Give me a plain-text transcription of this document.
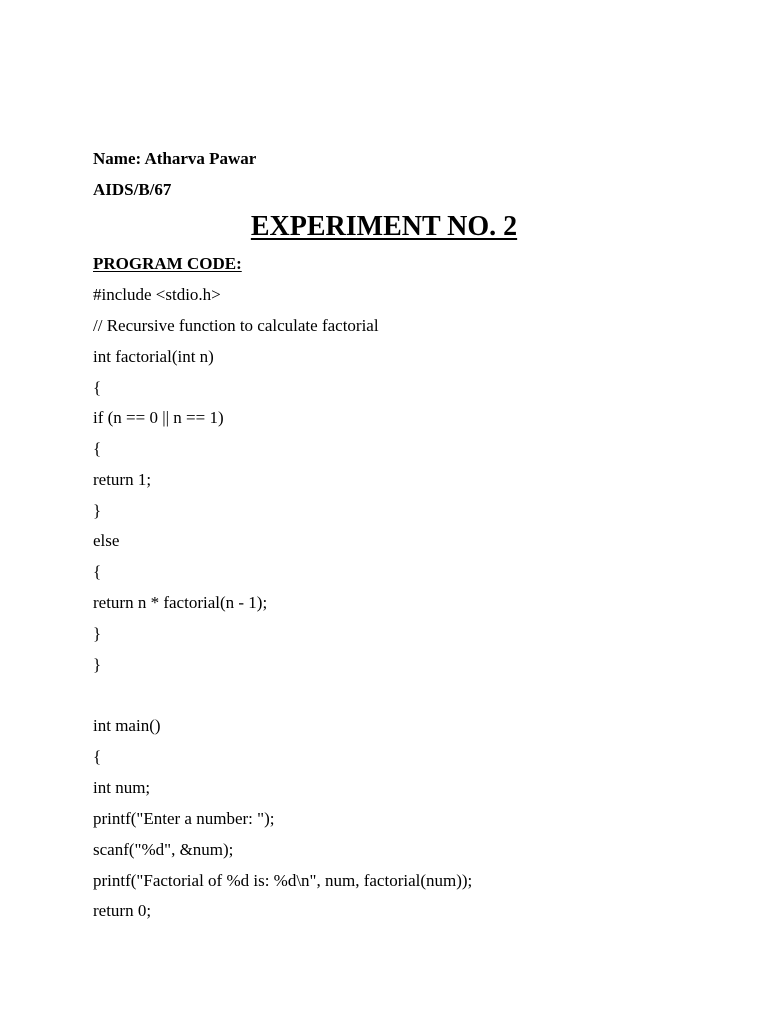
Name: Atharva Pawar
AIDS/B/67
EXPERIMENT NO. 2
PROGRAM CODE:
#include <stdio.h>
// Recursive function to calculate factorial
int factorial(int n)
{
if (n == 0 || n == 1)
{
return 1;
}
else
{
return n * factorial(n - 1);
}
}
int main()
{
int num;
printf("Enter a number: ");
scanf("%d", &num);
printf("Factorial of %d is: %d\n", num, factorial(num));
return 0;
